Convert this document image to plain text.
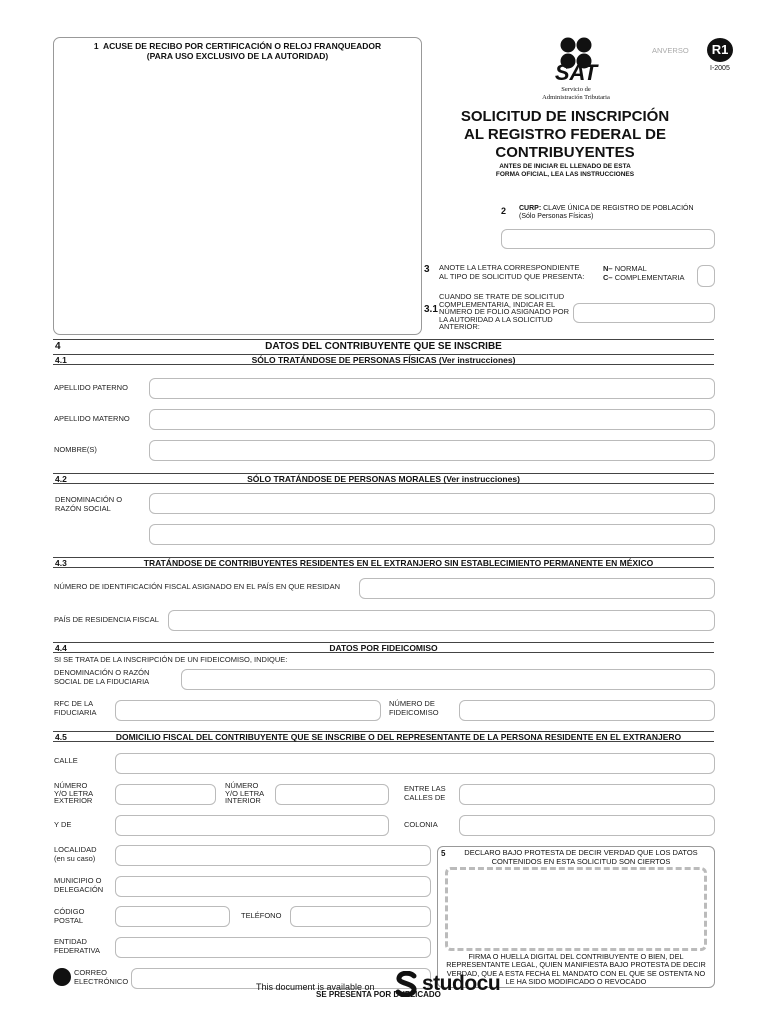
1 ACUSE DE RECIBO POR CERTIFICACIÓN O RELOJ FRANQUEADOR
(PARA USO EXCLUSIVO DE LA AUTORIDAD)
SAT
Servicio de
Administración Tributaria
ANVERSO	R1
I-2005
SOLICITUD DE INSCRIPCIÓN
AL REGISTRO FEDERAL DE
CONTRIBUYENTES
ANTES DE INICIAR EL LLENADO DE ESTA
FORMA OFICIAL, LEA LAS INSTRUCCIONES
2 CURP: CLAVE ÚNICA DE REGISTRO DE POBLACIÓN
(Sólo Personas Físicas)
3 ANOTE LA LETRA CORRESPONDIENTE
AL TIPO DE SOLICITUD QUE PRESENTA:
N– NORMAL
C– COMPLEMENTARIA
3.1
CUANDO SE TRATE DE SOLICITUD
COMPLEMENTARIA, INDICAR EL
NÚMERO DE FOLIO ASIGNADO POR
LA AUTORIDAD A LA SOLICITUD
ANTERIOR:
4	DATOS DEL CONTRIBUYENTE QUE SE INSCRIBE
4.1	SÓLO TRATÁNDOSE DE PERSONAS FÍSICAS (Ver instrucciones)
APELLIDO PATERNO
APELLIDO MATERNO
NOMBRE(S)
4.2	SÓLO TRATÁNDOSE DE PERSONAS MORALES (Ver instrucciones)
DENOMINACIÓN O
RAZÓN SOCIAL
4.3	TRATÁNDOSE DE CONTRIBUYENTES RESIDENTES EN EL EXTRANJERO SIN ESTABLECIMIENTO PERMANENTE EN MÉXICO
NÚMERO DE IDENTIFICACIÓN FISCAL ASIGNADO EN EL PAÍS EN QUE RESIDAN
PAÍS DE RESIDENCIA FISCAL
4.4	DATOS POR FIDEICOMISO
SI SE TRATA DE LA INSCRIPCIÓN DE UN FIDEICOMISO, INDIQUE:
DENOMINACIÓN O RAZÓN
SOCIAL DE LA FIDUCIARIA
RFC DE LA
FIDUCIARIA
NÚMERO DE
FIDEICOMISO
4.5	DOMICILIO FISCAL DEL CONTRIBUYENTE QUE SE INSCRIBE O DEL REPRESENTANTE DE LA PERSONA RESIDENTE EN EL EXTRANJERO
CALLE
NÚMERO
Y/O LETRA
EXTERIOR
NÚMERO
Y/O LETRA
INTERIOR
ENTRE LAS
CALLES DE
Y DE	COLONIA
LOCALIDAD
(en su caso)
MUNICIPIO O
DELEGACIÓN
CÓDIGO
POSTAL	TELÉFONO
ENTIDAD
FEDERATIVA
CORREO
ELECTRÓNICO
5	DECLARO BAJO PROTESTA DE DECIR VERDAD QUE LOS DATOS
CONTENIDOS EN ESTA SOLICITUD SON CIERTOS
FIRMA O HUELLA DIGITAL DEL CONTRIBUYENTE O BIEN, DEL
REPRESENTANTE LEGAL, QUIEN MANIFIESTA BAJO PROTESTA DE DECIR
VERDAD, QUE A ESTA FECHA EL MANDATO CON EL QUE SE OSTENTA NO
LE HA SIDO MODIFICADO O REVOCADO
SE PRESENTA POR DUPLICADO
This document is available on studocu
